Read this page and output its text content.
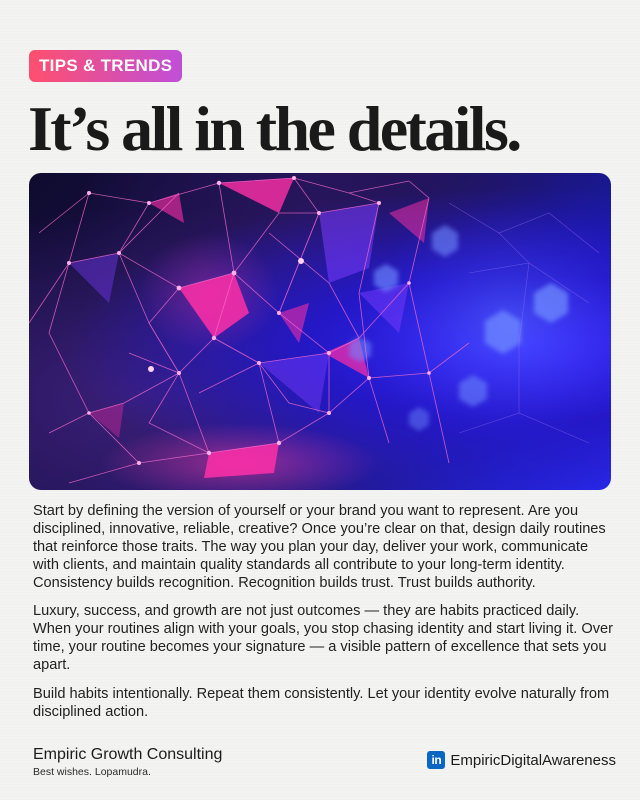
TIPS & TRENDS
It’s all in the details.

Start by defining the version of yourself or your brand you want to represent. Are you disciplined, innovative, reliable, creative? Once you’re clear on that, design daily routines that reinforce those traits. The way you plan your day, deliver your work, communicate with clients, and maintain quality standards all contribute to your long-term identity. Consistency builds recognition. Recognition builds trust. Trust builds authority.

Luxury, success, and growth are not just outcomes — they are habits practiced daily. When your routines align with your goals, you stop chasing identity and start living it. Over time, your routine becomes your signature — a visible pattern of excellence that sets you apart.

Build habits intentionally. Repeat them consistently. Let your identity evolve naturally from disciplined action.

Empiric Growth Consulting
Best wishes. Lopamudra.
in EmpiricDigitalAwareness
